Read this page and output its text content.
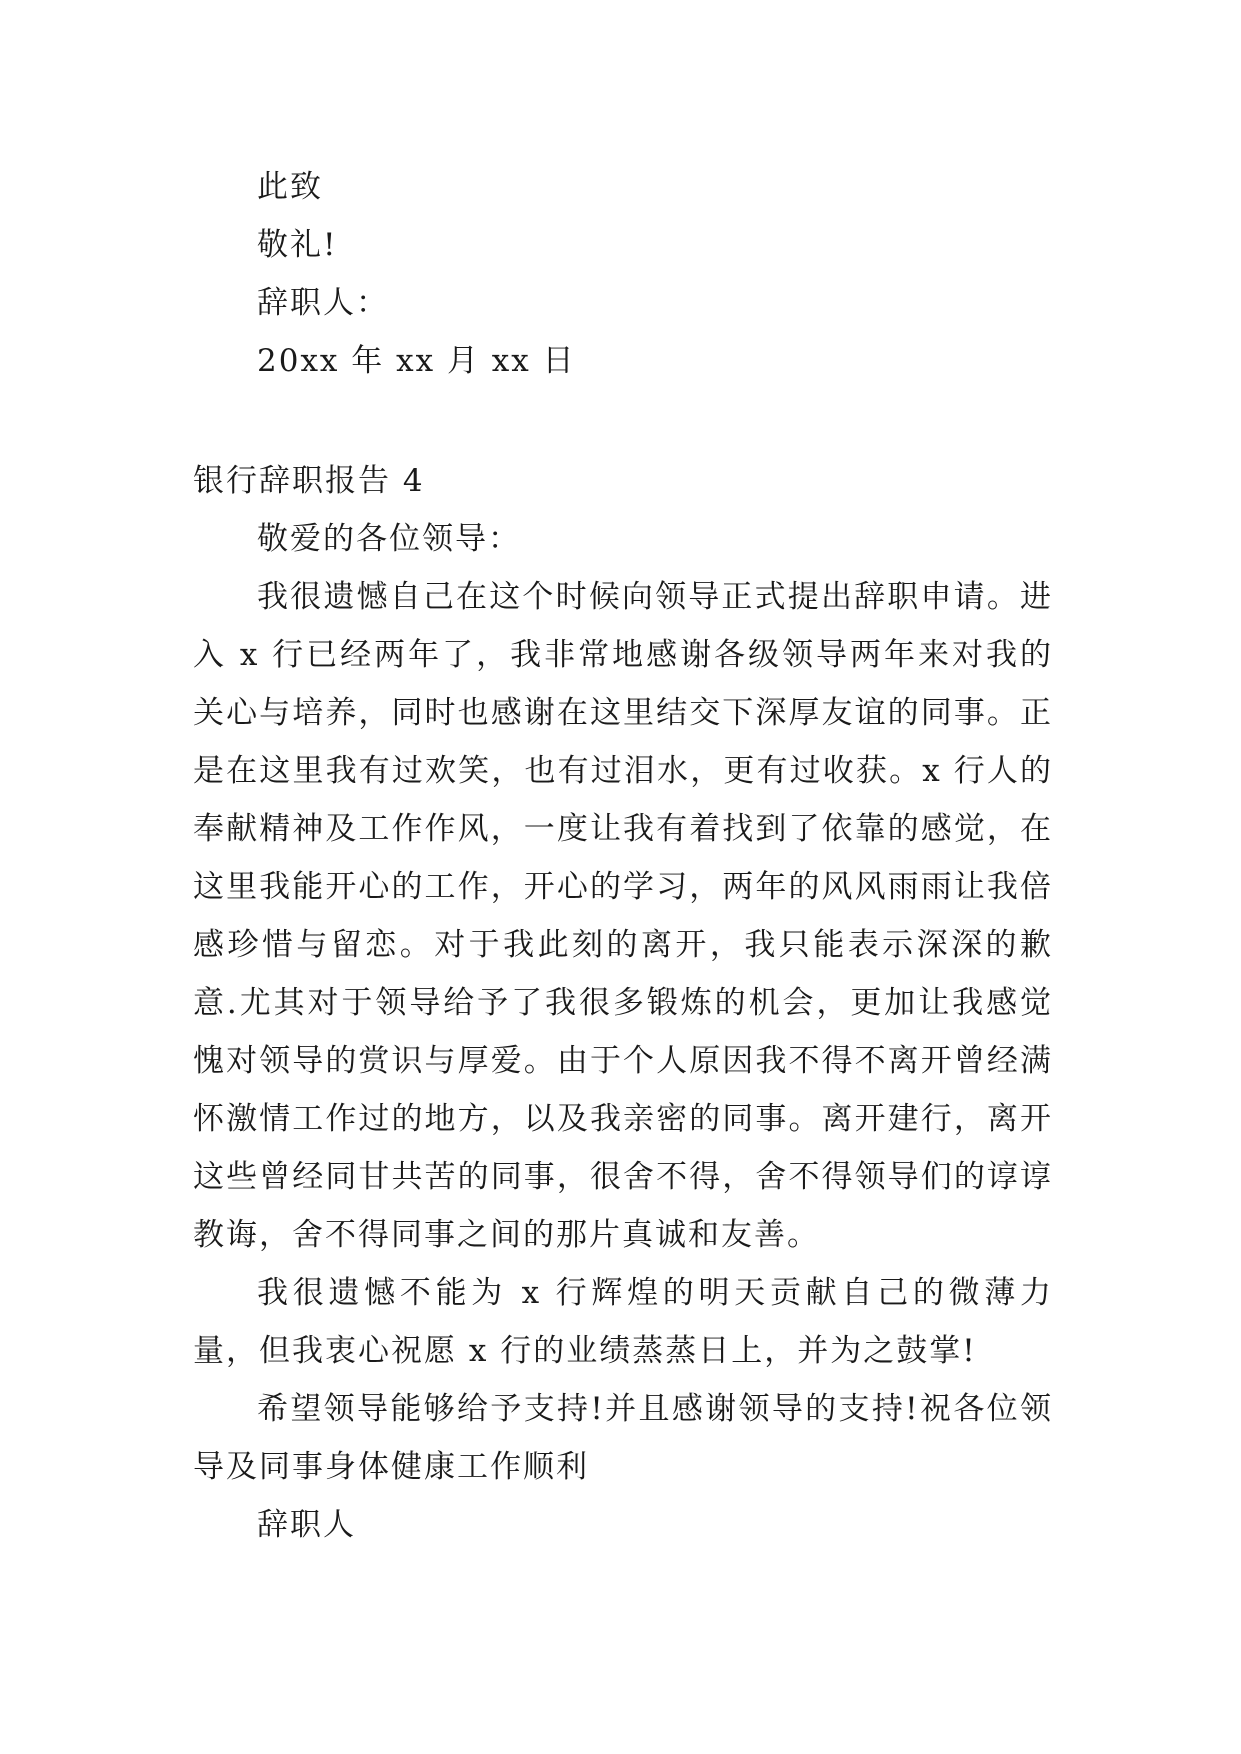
此致

敬礼!

辞职人：

20xx 年 xx 月 xx 日

银行辞职报告 4

敬爱的各位领导：

我很遗憾自己在这个时候向领导正式提出辞职申请。进入 x 行已经两年了，我非常地感谢各级领导两年来对我的关心与培养，同时也感谢在这里结交下深厚友谊的同事。正是在这里我有过欢笑，也有过泪水，更有过收获。x 行人的奉献精神及工作作风，一度让我有着找到了依靠的感觉，在这里我能开心的工作，开心的学习，两年的风风雨雨让我倍感珍惜与留恋。对于我此刻的离开，我只能表示深深的歉意.尤其对于领导给予了我很多锻炼的机会，更加让我感觉愧对领导的赏识与厚爱。由于个人原因我不得不离开曾经满怀激情工作过的地方，以及我亲密的同事。离开建行，离开这些曾经同甘共苦的同事，很舍不得，舍不得领导们的谆谆教诲，舍不得同事之间的那片真诚和友善。

我很遗憾不能为 x 行辉煌的明天贡献自己的微薄力量，但我衷心祝愿 x 行的业绩蒸蒸日上，并为之鼓掌!

希望领导能够给予支持!并且感谢领导的支持!祝各位领导及同事身体健康工作顺利

辞职人
